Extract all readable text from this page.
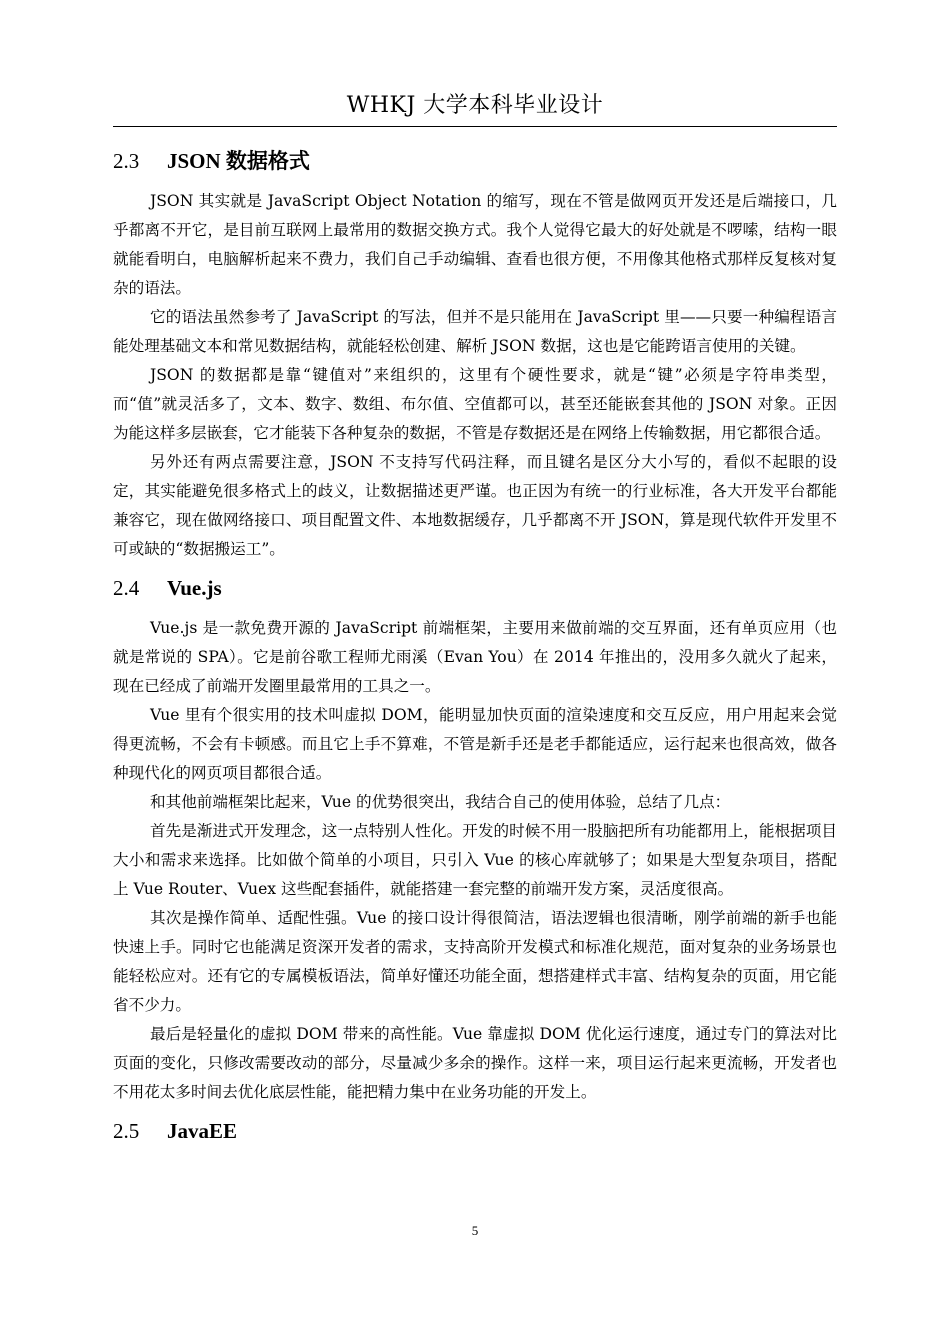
WHKJ 大学本科毕业设计
2.3 JSON 数据格式

JSON 其实就是 JavaScript Object Notation 的缩写，现在不管是做网页开发还是后端接口，几乎都离不开它，是目前互联网上最常用的数据交换方式。我个人觉得它最大的好处就是不啰嗦，结构一眼就能看明白，电脑解析起来不费力，我们自己手动编辑、查看也很方便，不用像其他格式那样反复核对复杂的语法。

它的语法虽然参考了 JavaScript 的写法，但并不是只能用在 JavaScript 里——只要一种编程语言能处理基础文本和常见数据结构，就能轻松创建、解析 JSON 数据，这也是它能跨语言使用的关键。

JSON 的数据都是靠“键值对”来组织的，这里有个硬性要求，就是“键”必须是字符串类型，而“值”就灵活多了，文本、数字、数组、布尔值、空值都可以，甚至还能嵌套其他的 JSON 对象。正因为能这样多层嵌套，它才能装下各种复杂的数据，不管是存数据还是在网络上传输数据，用它都很合适。

另外还有两点需要注意，JSON 不支持写代码注释，而且键名是区分大小写的，看似不起眼的设定，其实能避免很多格式上的歧义，让数据描述更严谨。也正因为有统一的行业标准，各大开发平台都能兼容它，现在做网络接口、项目配置文件、本地数据缓存，几乎都离不开 JSON，算是现代软件开发里不可或缺的“数据搬运工”。

2.4 Vue.js

Vue.js 是一款免费开源的 JavaScript 前端框架，主要用来做前端的交互界面，还有单页应用（也就是常说的 SPA）。它是前谷歌工程师尤雨溪（Evan You）在 2014 年推出的，没用多久就火了起来，现在已经成了前端开发圈里最常用的工具之一。

Vue 里有个很实用的技术叫虚拟 DOM，能明显加快页面的渲染速度和交互反应，用户用起来会觉得更流畅，不会有卡顿感。而且它上手不算难，不管是新手还是老手都能适应，运行起来也很高效，做各种现代化的网页项目都很合适。

和其他前端框架比起来，Vue 的优势很突出，我结合自己的使用体验，总结了几点：

首先是渐进式开发理念，这一点特别人性化。开发的时候不用一股脑把所有功能都用上，能根据项目大小和需求来选择。比如做个简单的小项目，只引入 Vue 的核心库就够了；如果是大型复杂项目，搭配上 Vue Router、Vuex 这些配套插件，就能搭建一套完整的前端开发方案，灵活度很高。

其次是操作简单、适配性强。Vue 的接口设计得很简洁，语法逻辑也很清晰，刚学前端的新手也能快速上手。同时它也能满足资深开发者的需求，支持高阶开发模式和标准化规范，面对复杂的业务场景也能轻松应对。还有它的专属模板语法，简单好懂还功能全面，想搭建样式丰富、结构复杂的页面，用它能省不少力。

最后是轻量化的虚拟 DOM 带来的高性能。Vue 靠虚拟 DOM 优化运行速度，通过专门的算法对比页面的变化，只修改需要改动的部分，尽量减少多余的操作。这样一来，项目运行起来更流畅，开发者也不用花太多时间去优化底层性能，能把精力集中在业务功能的开发上。

2.5 JavaEE
5
